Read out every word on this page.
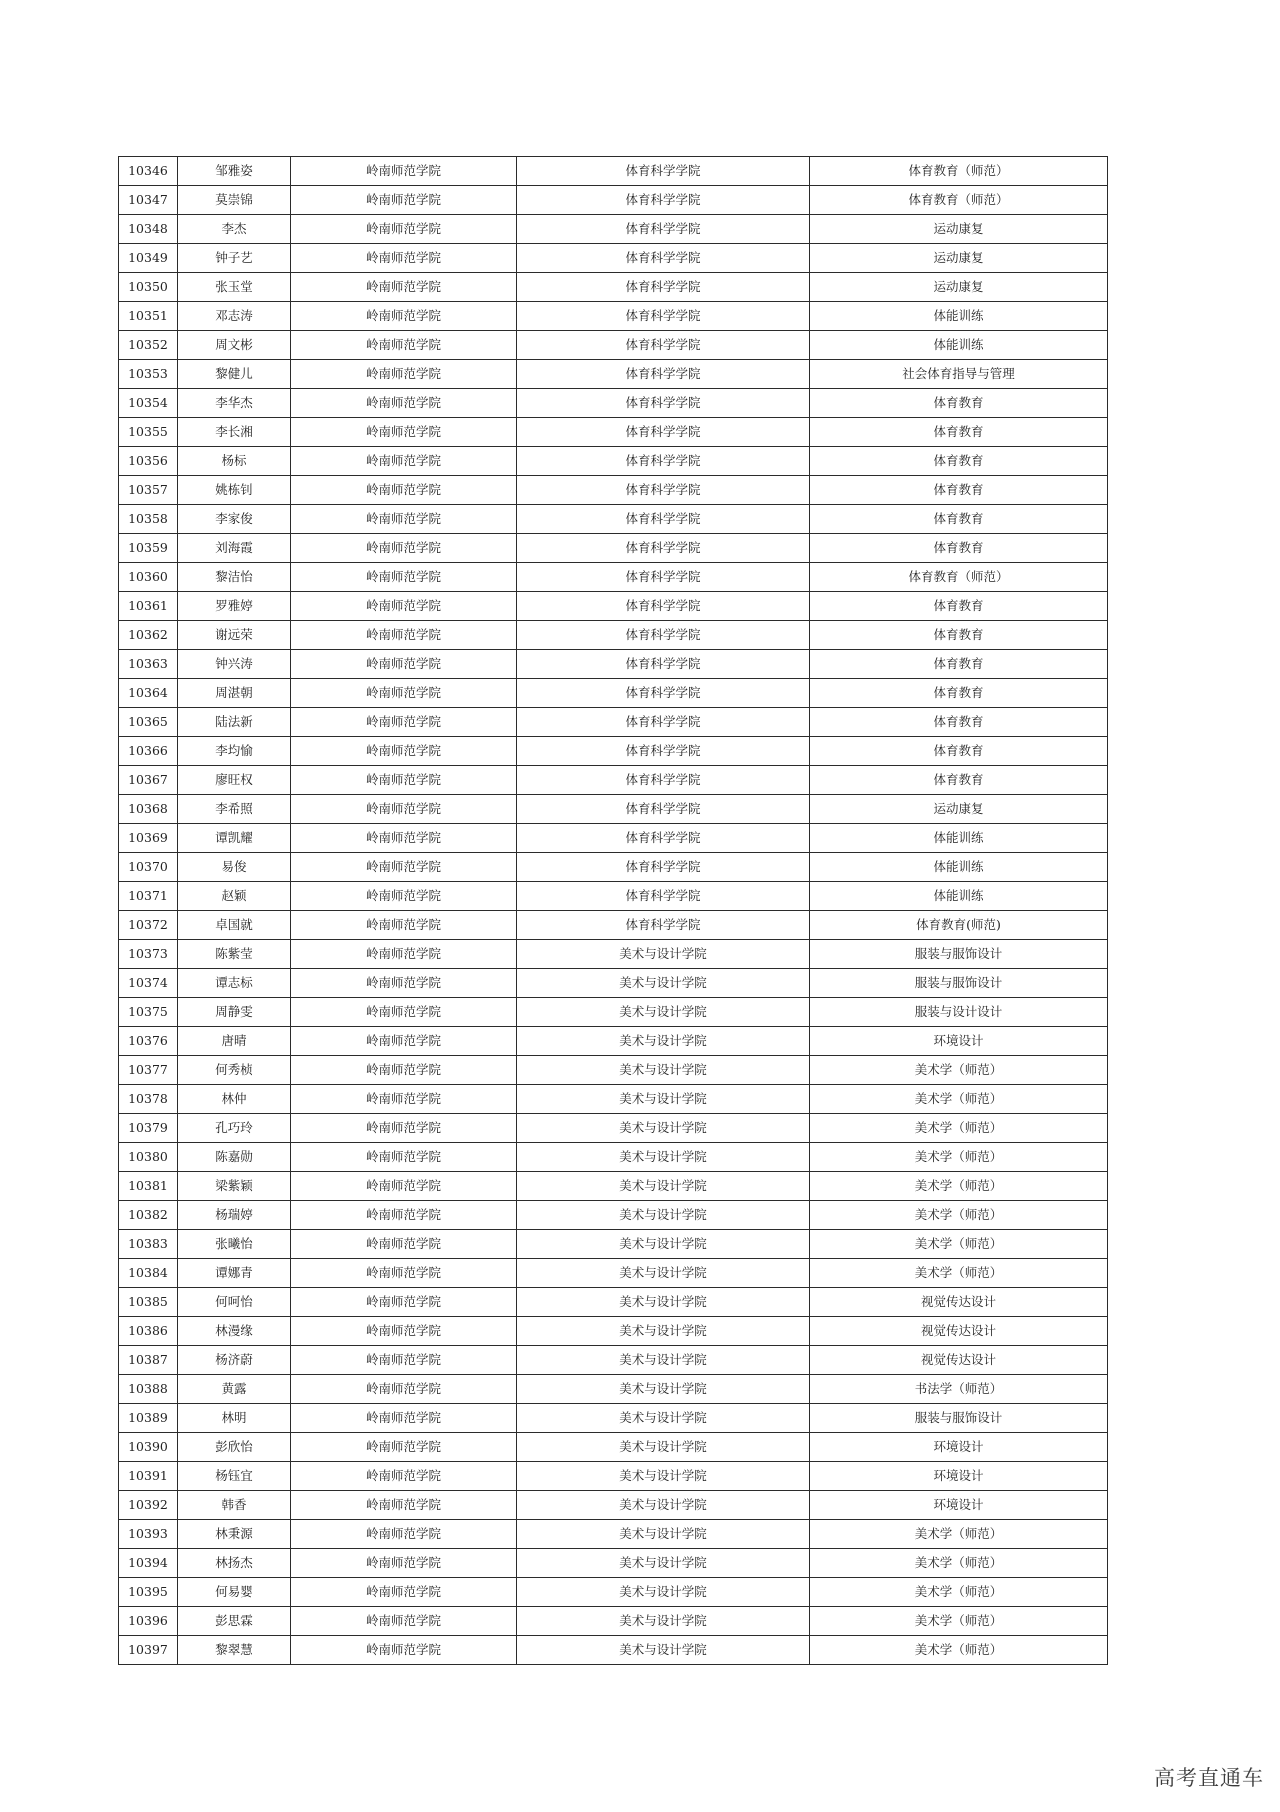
10346	邹雅姿	岭南师范学院	体育科学学院	体育教育（师范）
10347	莫崇锦	岭南师范学院	体育科学学院	体育教育（师范）
10348	李杰	岭南师范学院	体育科学学院	运动康复
10349	钟子艺	岭南师范学院	体育科学学院	运动康复
10350	张玉堂	岭南师范学院	体育科学学院	运动康复
10351	邓志涛	岭南师范学院	体育科学学院	体能训练
10352	周文彬	岭南师范学院	体育科学学院	体能训练
10353	黎健儿	岭南师范学院	体育科学学院	社会体育指导与管理
10354	李华杰	岭南师范学院	体育科学学院	体育教育
10355	李长湘	岭南师范学院	体育科学学院	体育教育
10356	杨标	岭南师范学院	体育科学学院	体育教育
10357	姚栋钊	岭南师范学院	体育科学学院	体育教育
10358	李家俊	岭南师范学院	体育科学学院	体育教育
10359	刘海霞	岭南师范学院	体育科学学院	体育教育
10360	黎洁怡	岭南师范学院	体育科学学院	体育教育（师范）
10361	罗雅婷	岭南师范学院	体育科学学院	体育教育
10362	谢远荣	岭南师范学院	体育科学学院	体育教育
10363	钟兴涛	岭南师范学院	体育科学学院	体育教育
10364	周湛朝	岭南师范学院	体育科学学院	体育教育
10365	陆法新	岭南师范学院	体育科学学院	体育教育
10366	李均愉	岭南师范学院	体育科学学院	体育教育
10367	廖旺权	岭南师范学院	体育科学学院	体育教育
10368	李希照	岭南师范学院	体育科学学院	运动康复
10369	谭凯耀	岭南师范学院	体育科学学院	体能训练
10370	易俊	岭南师范学院	体育科学学院	体能训练
10371	赵颖	岭南师范学院	体育科学学院	体能训练
10372	卓国就	岭南师范学院	体育科学学院	体育教育(师范)
10373	陈紫莹	岭南师范学院	美术与设计学院	服装与服饰设计
10374	谭志标	岭南师范学院	美术与设计学院	服装与服饰设计
10375	周静雯	岭南师范学院	美术与设计学院	服装与设计设计
10376	唐晴	岭南师范学院	美术与设计学院	环境设计
10377	何秀桢	岭南师范学院	美术与设计学院	美术学（师范）
10378	林仲	岭南师范学院	美术与设计学院	美术学（师范）
10379	孔巧玲	岭南师范学院	美术与设计学院	美术学（师范）
10380	陈嘉勋	岭南师范学院	美术与设计学院	美术学（师范）
10381	梁紫颖	岭南师范学院	美术与设计学院	美术学（师范）
10382	杨瑞婷	岭南师范学院	美术与设计学院	美术学（师范）
10383	张曦怡	岭南师范学院	美术与设计学院	美术学（师范）
10384	谭娜青	岭南师范学院	美术与设计学院	美术学（师范）
10385	何呵怡	岭南师范学院	美术与设计学院	视觉传达设计
10386	林漫缘	岭南师范学院	美术与设计学院	视觉传达设计
10387	杨济蔚	岭南师范学院	美术与设计学院	视觉传达设计
10388	黄露	岭南师范学院	美术与设计学院	书法学（师范）
10389	林明	岭南师范学院	美术与设计学院	服装与服饰设计
10390	彭欣怡	岭南师范学院	美术与设计学院	环境设计
10391	杨钰宜	岭南师范学院	美术与设计学院	环境设计
10392	韩香	岭南师范学院	美术与设计学院	环境设计
10393	林秉源	岭南师范学院	美术与设计学院	美术学（师范）
10394	林扬杰	岭南师范学院	美术与设计学院	美术学（师范）
10395	何易婴	岭南师范学院	美术与设计学院	美术学（师范）
10396	彭思霖	岭南师范学院	美术与设计学院	美术学（师范）
10397	黎翠慧	岭南师范学院	美术与设计学院	美术学（师范）
高考直通车
